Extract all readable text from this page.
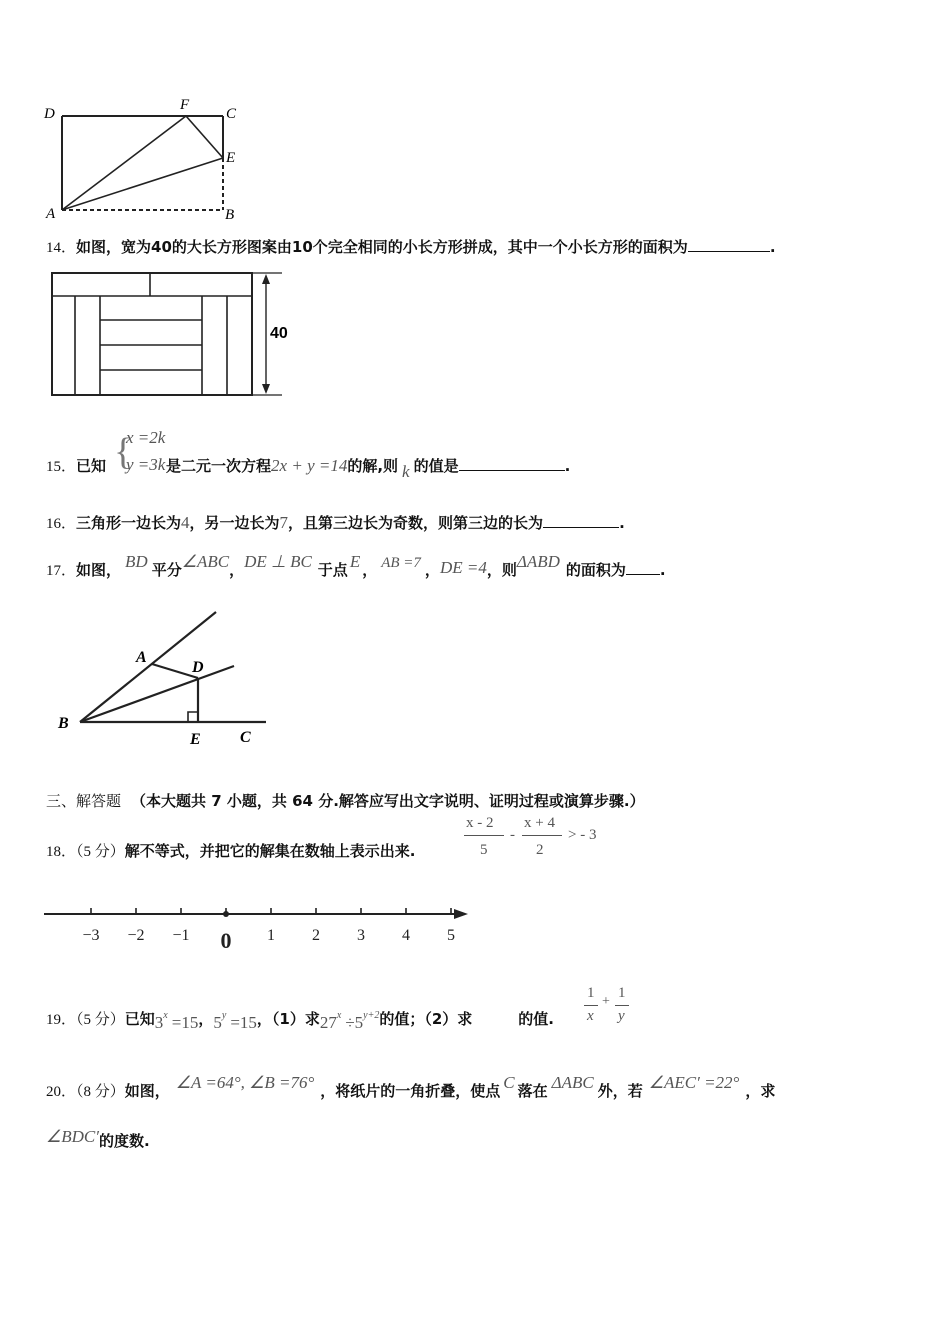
D
F
C
E
A	B
14．如图，宽为40的大长方形图案由10个完全相同的小长方形拼成，其中一个小长方形的面积为	.
40
{
x =2k
y =3k
15．已知	是二元一次方程2x + y =14的解,则 k 的值是	.
16．三角形一边长为4，另一边长为7，且第三边长为奇数，则第三边的长为	.
17．如图， BD 平分∠ABC，DE ⊥ BC 于点 E ， AB =7 ，DE =4，则ΔABD 的面积为 .
A
D
B
E C
三、解答题 （本大题共 7 小题，共 64 分.解答应写出文字说明、证明过程或演算步骤.）
18．（5 分）解不等式，并把它的解集在数轴上表示出来.
x - 2
5
-
x + 4
2
> - 3
−3 −2 −1 0 1 2 3 4 5
19．（5 分）已知$3^x =15$，$5^y =15$，（1）求$27^x \div 5^{y+2}$的值；（2）求	的值.
1
x
+
1
y
20．（8 分）如图， ∠A =64°, ∠B =76° ，将纸片的一角折叠，使点 C 落在 ΔABC 外，若 ∠AEC′ =22° ，求
∠BDC′的度数.
